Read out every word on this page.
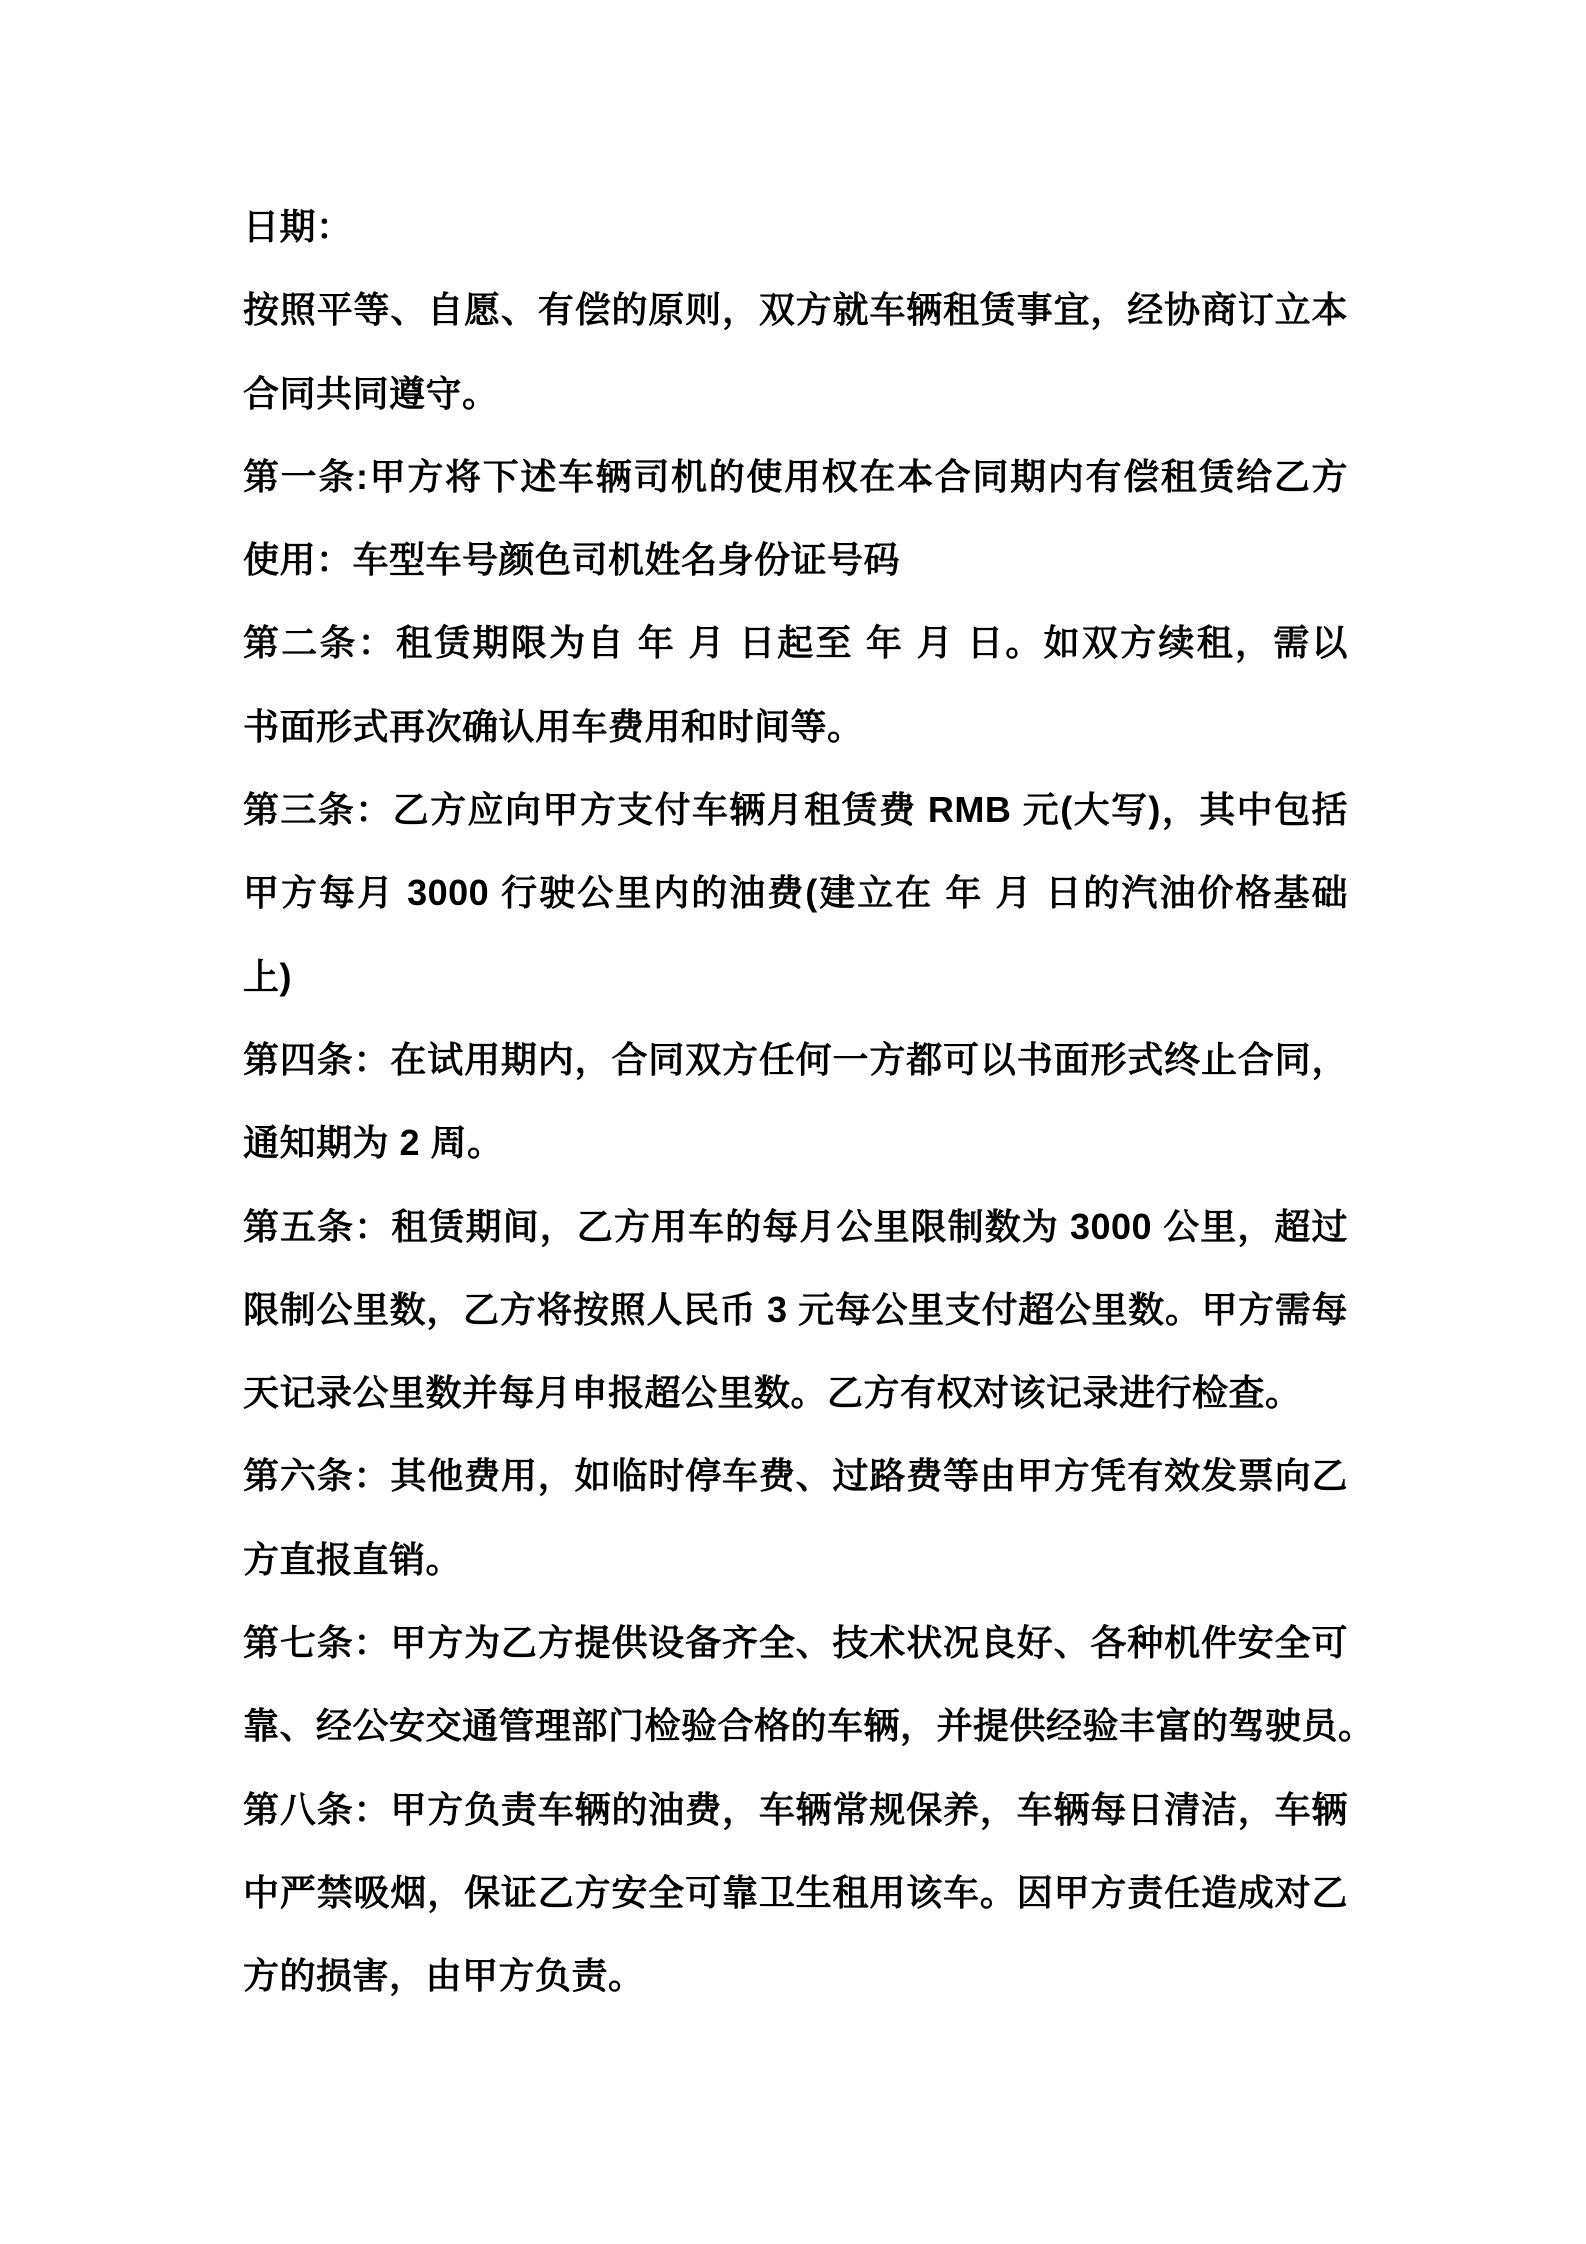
日期：
按照平等、自愿、有偿的原则，双方就车辆租赁事宜，经协商订立本
合同共同遵守。
第一条:甲方将下述车辆司机的使用权在本合同期内有偿租赁给乙方
使用：车型车号颜色司机姓名身份证号码
第二条：租赁期限为自 年 月 日起至 年 月 日。如双方续租，需以
书面形式再次确认用车费用和时间等。
第三条：乙方应向甲方支付车辆月租赁费 RMB 元(大写)，其中包括
甲方每月 3000 行驶公里内的油费(建立在 年 月 日的汽油价格基础
上)
第四条：在试用期内，合同双方任何一方都可以书面形式终止合同，
通知期为 2 周。
第五条：租赁期间，乙方用车的每月公里限制数为 3000 公里，超过
限制公里数，乙方将按照人民币 3 元每公里支付超公里数。甲方需每
天记录公里数并每月申报超公里数。乙方有权对该记录进行检查。
第六条：其他费用，如临时停车费、过路费等由甲方凭有效发票向乙
方直报直销。
第七条：甲方为乙方提供设备齐全、技术状况良好、各种机件安全可
靠、经公安交通管理部门检验合格的车辆，并提供经验丰富的驾驶员。
第八条：甲方负责车辆的油费，车辆常规保养，车辆每日清洁，车辆
中严禁吸烟，保证乙方安全可靠卫生租用该车。因甲方责任造成对乙
方的损害，由甲方负责。
